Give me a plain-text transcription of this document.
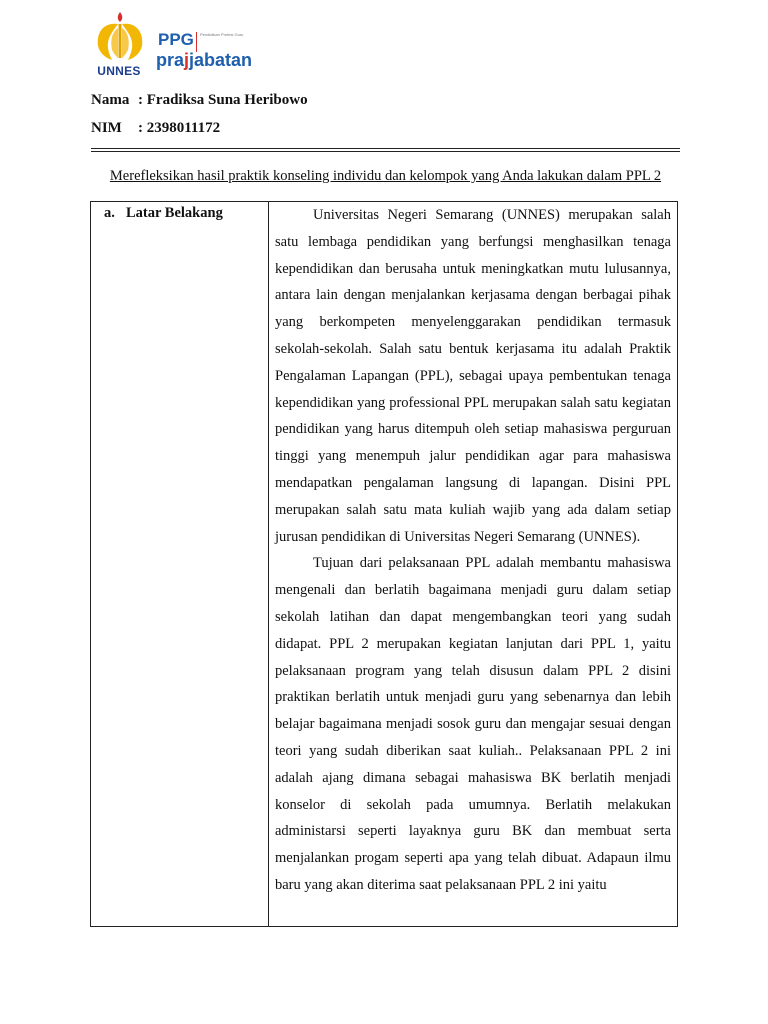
UNNES
PPG Pendidikan Profesi Guru
prajjabatan
Nama : Fradiksa Suna Heribowo
NIM : 2398011172
Merefleksikan hasil praktik konseling individu dan kelompok yang Anda lakukan dalam PPL 2
a. Latar Belakang	Universitas Negeri Semarang (UNNES) merupakan salah satu lembaga pendidikan yang berfungsi menghasilkan tenaga kependidikan dan berusaha untuk meningkatkan mutu lulusannya, antara lain dengan menjalankan kerjasama dengan berbagai pihak yang berkompeten menyelenggarakan pendidikan termasuk sekolah-sekolah. Salah satu bentuk kerjasama itu adalah Praktik Pengalaman Lapangan (PPL), sebagai upaya pembentukan tenaga kependidikan yang professional PPL merupakan salah satu kegiatan pendidikan yang harus ditempuh oleh setiap mahasiswa perguruan tinggi yang menempuh jalur pendidikan agar para mahasiswa mendapatkan pengalaman langsung di lapangan. Disini PPL merupakan salah satu mata kuliah wajib yang ada dalam setiap jurusan pendidikan di Universitas Negeri Semarang (UNNES).

Tujuan dari pelaksanaan PPL adalah membantu mahasiswa mengenali dan berlatih bagaimana menjadi guru dalam setiap sekolah latihan dan dapat mengembangkan teori yang sudah didapat. PPL 2 merupakan kegiatan lanjutan dari PPL 1, yaitu pelaksanaan program yang telah disusun dalam PPL 2 disini praktikan berlatih untuk menjadi guru yang sebenarnya dan lebih belajar bagaimana menjadi sosok guru dan mengajar sesuai dengan teori yang sudah diberikan saat kuliah.. Pelaksanaan PPL 2 ini adalah ajang dimana sebagai mahasiswa BK berlatih menjadi konselor di sekolah pada umumnya. Berlatih melakukan administarsi seperti layaknya guru BK dan membuat serta menjalankan progam seperti apa yang telah dibuat. Adapaun ilmu baru yang akan diterima saat pelaksanaan PPL 2 ini yaitu
